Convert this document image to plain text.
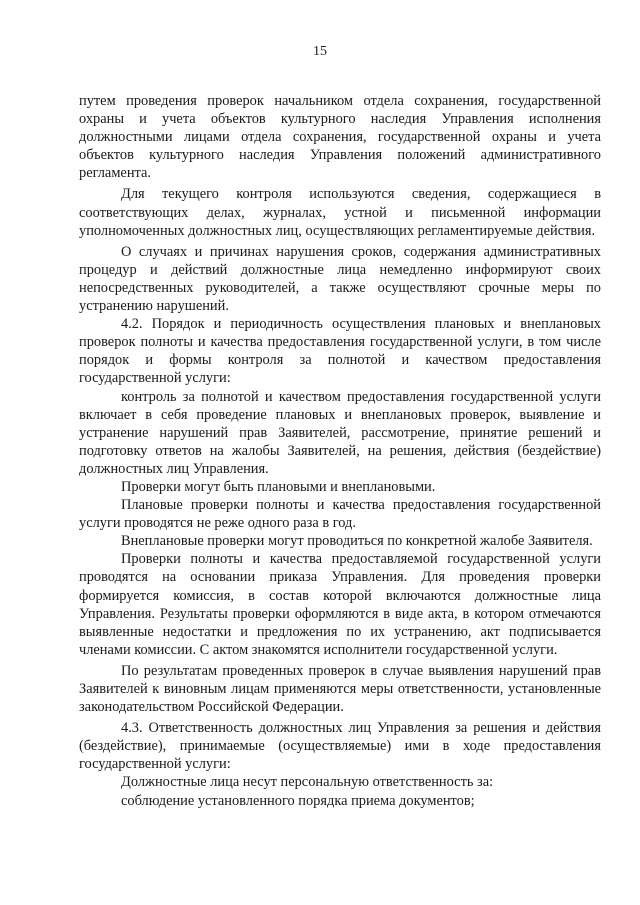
15

путем проведения проверок начальником отдела сохранения, государственной охраны и учета объектов культурного наследия Управления исполнения должностными лицами отдела сохранения, государственной охраны и учета объектов культурного наследия Управления положений административного регламента.

Для текущего контроля используются сведения, содержащиеся в соответствующих делах, журналах, устной и письменной информации уполномоченных должностных лиц, осуществляющих регламентируемые действия.

О случаях и причинах нарушения сроков, содержания административных процедур и действий должностные лица немедленно информируют своих непосредственных руководителей, а также осуществляют срочные меры по устранению нарушений.

4.2. Порядок и периодичность осуществления плановых и внеплановых проверок полноты и качества предоставления государственной услуги, в том числе порядок и формы контроля за полнотой и качеством предоставления государственной услуги:

контроль за полнотой и качеством предоставления государственной услуги включает в себя проведение плановых и внеплановых проверок, выявление и устранение нарушений прав Заявителей, рассмотрение, принятие решений и подготовку ответов на жалобы Заявителей, на решения, действия (бездействие) должностных лиц Управления.

Проверки могут быть плановыми и внеплановыми.

Плановые проверки полноты и качества предоставления государственной услуги проводятся не реже одного раза в год.

Внеплановые проверки могут проводиться по конкретной жалобе Заявителя.

Проверки полноты и качества предоставляемой государственной услуги проводятся на основании приказа Управления. Для проведения проверки формируется комиссия, в состав которой включаются должностные лица Управления. Результаты проверки оформляются в виде акта, в котором отмечаются выявленные недостатки и предложения по их устранению, акт подписывается членами комиссии. С актом знакомятся исполнители государственной услуги.

По результатам проведенных проверок в случае выявления нарушений прав Заявителей к виновным лицам применяются меры ответственности, установленные законодательством Российской Федерации.

4.3. Ответственность должностных лиц Управления за решения и действия (бездействие), принимаемые (осуществляемые) ими в ходе предоставления государственной услуги:

Должностные лица несут персональную ответственность за:

соблюдение установленного порядка приема документов;
